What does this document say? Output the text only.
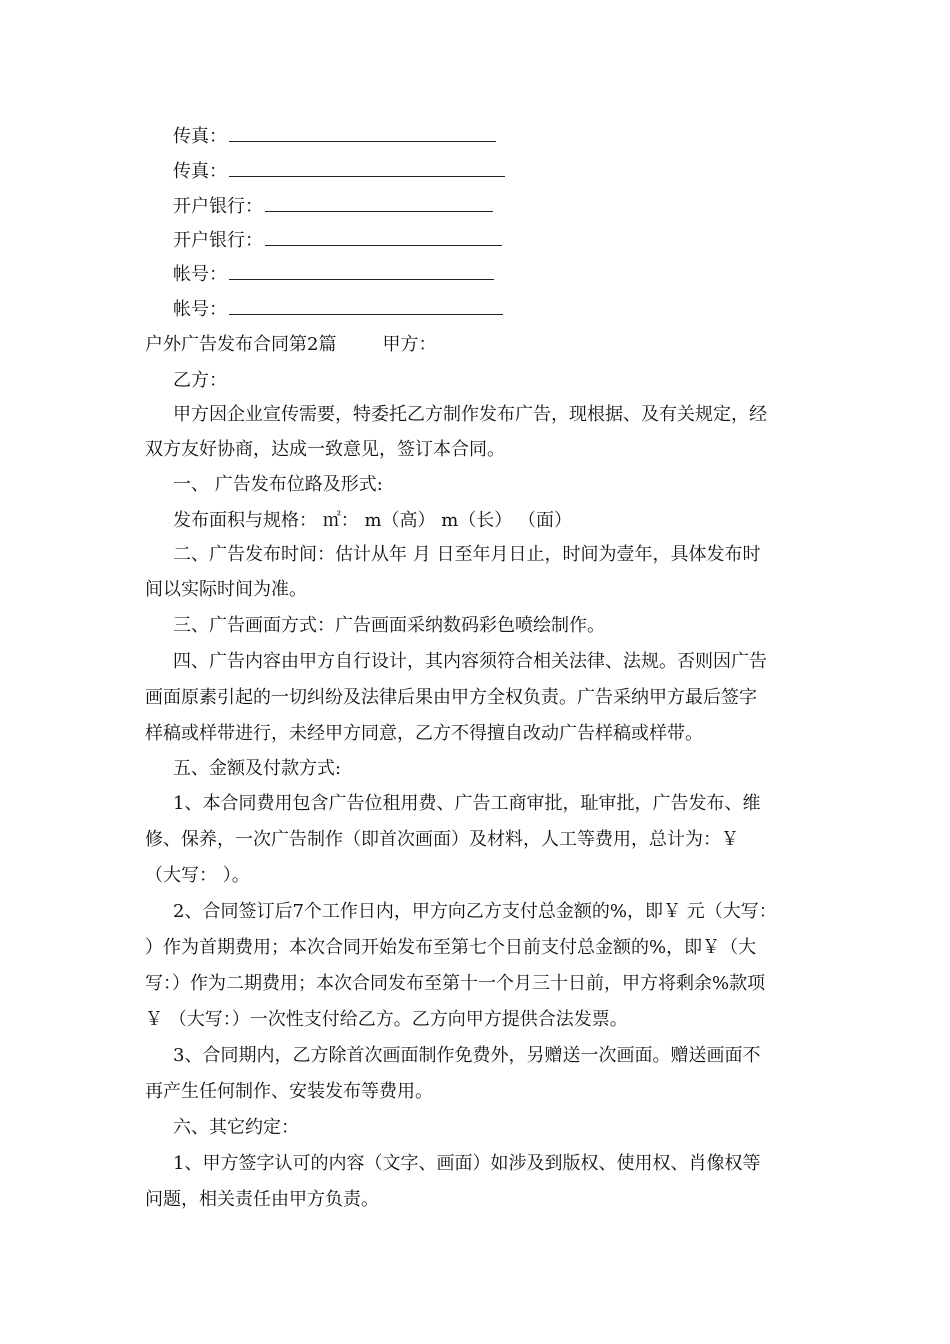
传真：
传真：
开户银行：
开户银行：
帐号：
帐号：
户外广告发布合同第2篇	甲方：
乙方：
甲方因企业宣传需要，特委托乙方制作发布广告，现根据、及有关规定，经
双方友好协商，达成一致意见，签订本合同。
一、 广告发布位路及形式:
发布面积与规格： ㎡： m（高） m（长） （面）
二、广告发布时间：估计从年 月 日至年月日止，时间为壹年，具体发布时
间以实际时间为准。
三、广告画面方式：广告画面采纳数码彩色喷绘制作。
四、广告内容由甲方自行设计，其内容须符合相关法律、法规。否则因广告
画面原素引起的一切纠纷及法律后果由甲方全权负责。广告采纳甲方最后签字
样稿或样带进行，未经甲方同意，乙方不得擅自改动广告样稿或样带。
五、金额及付款方式:
1、本合同费用包含广告位租用费、广告工商审批，耻审批，广告发布、维
修、保养，一次广告制作（即首次画面）及材料，人工等费用，总计为：￥
（大写： ）。
2、合同签订后7个工作日内，甲方向乙方支付总金额的%，即￥ 元（大写：
）作为首期费用；本次合同开始发布至第七个日前支付总金额的%，即￥（大
写：）作为二期费用；本次合同发布至第十一个月三十日前，甲方将剩余%款项
￥ （大写：）一次性支付给乙方。乙方向甲方提供合法发票。
3、合同期内，乙方除首次画面制作免费外，另赠送一次画面。赠送画面不
再产生任何制作、安装发布等费用。
六、其它约定：
1、甲方签字认可的内容（文字、画面）如涉及到版权、使用权、肖像权等
问题，相关责任由甲方负责。
